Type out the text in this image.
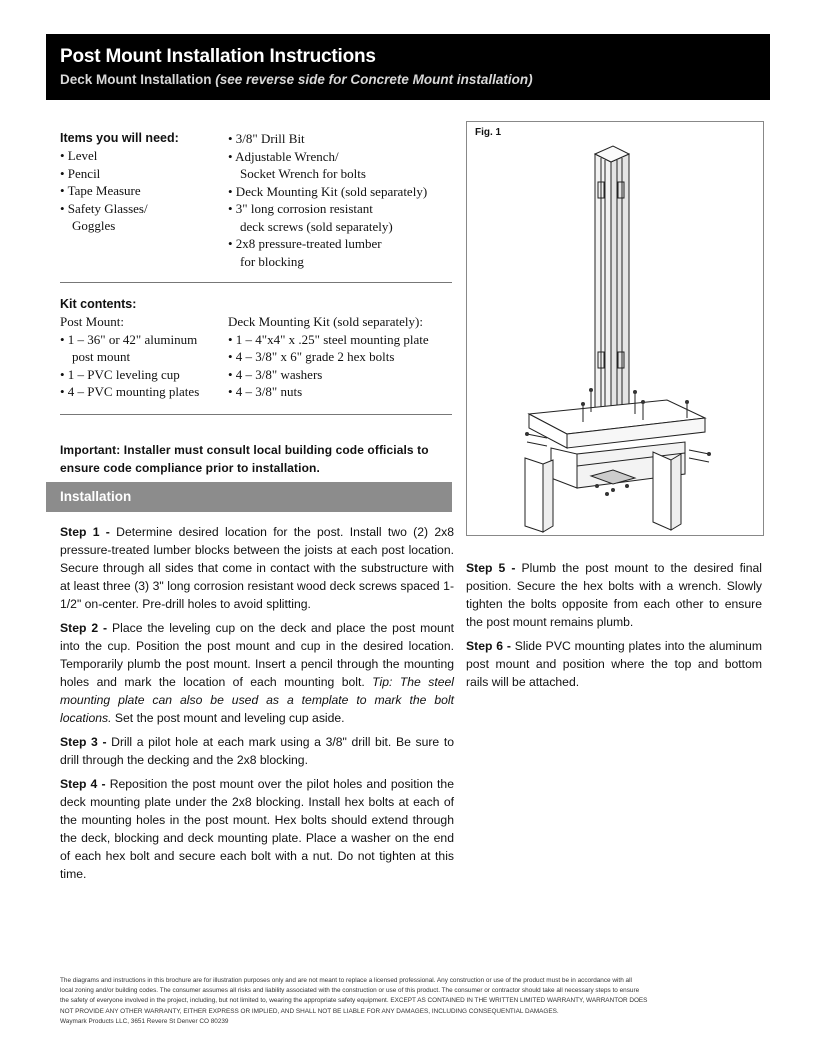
Post Mount Installation Instructions
Deck Mount Installation (see reverse side for Concrete Mount installation)
Items you will need:
• Level
• Pencil
• Tape Measure
• Safety Glasses/
Goggles
• 3/8" Drill Bit
• Adjustable Wrench/
Socket Wrench for bolts
• Deck Mounting Kit (sold separately)
• 3" long corrosion resistant
deck screws (sold separately)
• 2x8 pressure-treated lumber
for blocking
Kit contents:
Post Mount:
• 1 – 36" or 42" aluminum
post mount
• 1 – PVC leveling cup
• 4 – PVC mounting plates
Deck Mounting Kit (sold separately):
• 1 – 4"x4" x .25" steel mounting plate
• 4 – 3/8" x 6" grade 2 hex bolts
• 4 – 3/8" washers
• 4 – 3/8" nuts
Important: Installer must consult local building code officials to ensure code compliance prior to installation.
Installation
Step 1 - Determine desired location for the post. Install two (2) 2x8 pressure-treated lumber blocks between the joists at each post location. Secure through all sides that come in contact with the substructure with at least three (3) 3" long corrosion resistant wood deck screws spaced 1-1/2" on-center. Pre-drill holes to avoid splitting.
Step 2 - Place the leveling cup on the deck and place the post mount into the cup. Position the post mount and cup in the desired location. Temporarily plumb the post mount. Insert a pencil through the mounting holes and mark the location of each mounting bolt. Tip: The steel mounting plate can also be used as a template to mark the bolt locations. Set the post mount and leveling cup aside.
Step 3 - Drill a pilot hole at each mark using a 3/8" drill bit. Be sure to drill through the decking and the 2x8 blocking.
Step 4 - Reposition the post mount over the pilot holes and position the deck mounting plate under the 2x8 blocking. Install hex bolts at each of the mounting holes in the post mount. Hex bolts should extend through the deck, blocking and deck mounting plate. Place a washer on the end of each hex bolt and secure each bolt with a nut. Do not tighten at this time.
Fig. 1
Step 5 - Plumb the post mount to the desired final position. Secure the hex bolts with a wrench. Slowly tighten the bolts opposite from each other to ensure the post mount remains plumb.
Step 6 - Slide PVC mounting plates into the aluminum post mount and position where the top and bottom rails will be attached.
The diagrams and instructions in this brochure are for illustration purposes only and are not meant to replace a licensed professional. Any construction or use of the product must be in accordance with all
local zoning and/or building codes. The consumer assumes all risks and liability associated with the construction or use of this product. The consumer or contractor should take all necessary steps to ensure
the safety of everyone involved in the project, including, but not limited to, wearing the appropriate safety equipment. EXCEPT AS CONTAINED IN THE WRITTEN LIMITED WARRANTY, WARRANTOR DOES
NOT PROVIDE ANY OTHER WARRANTY, EITHER EXPRESS OR IMPLIED, AND SHALL NOT BE LIABLE FOR ANY DAMAGES, INCLUDING CONSEQUENTIAL DAMAGES.
Waymark Products LLC, 3651 Revere St Denver CO 80239
